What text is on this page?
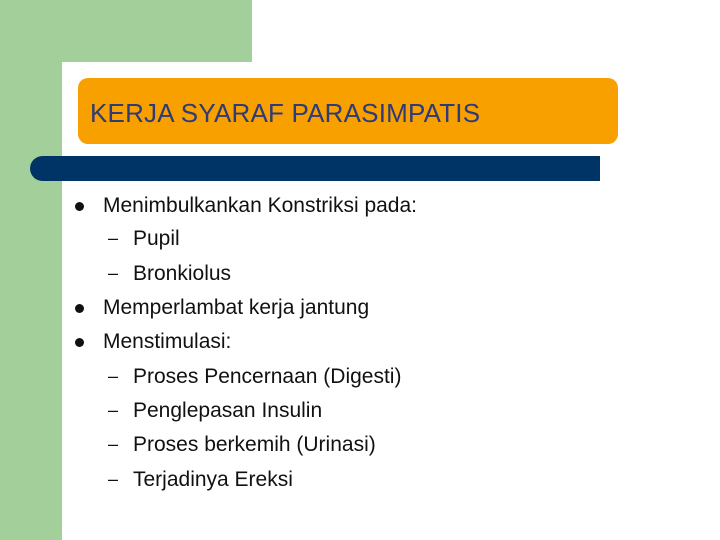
KERJA SYARAF PARASIMPATIS
Menimbulkankan Konstriksi pada:
– Pupil
– Bronkiolus
Memperlambat kerja jantung
Menstimulasi:
– Proses Pencernaan (Digesti)
– Penglepasan Insulin
– Proses berkemih (Urinasi)
– Terjadinya Ereksi
